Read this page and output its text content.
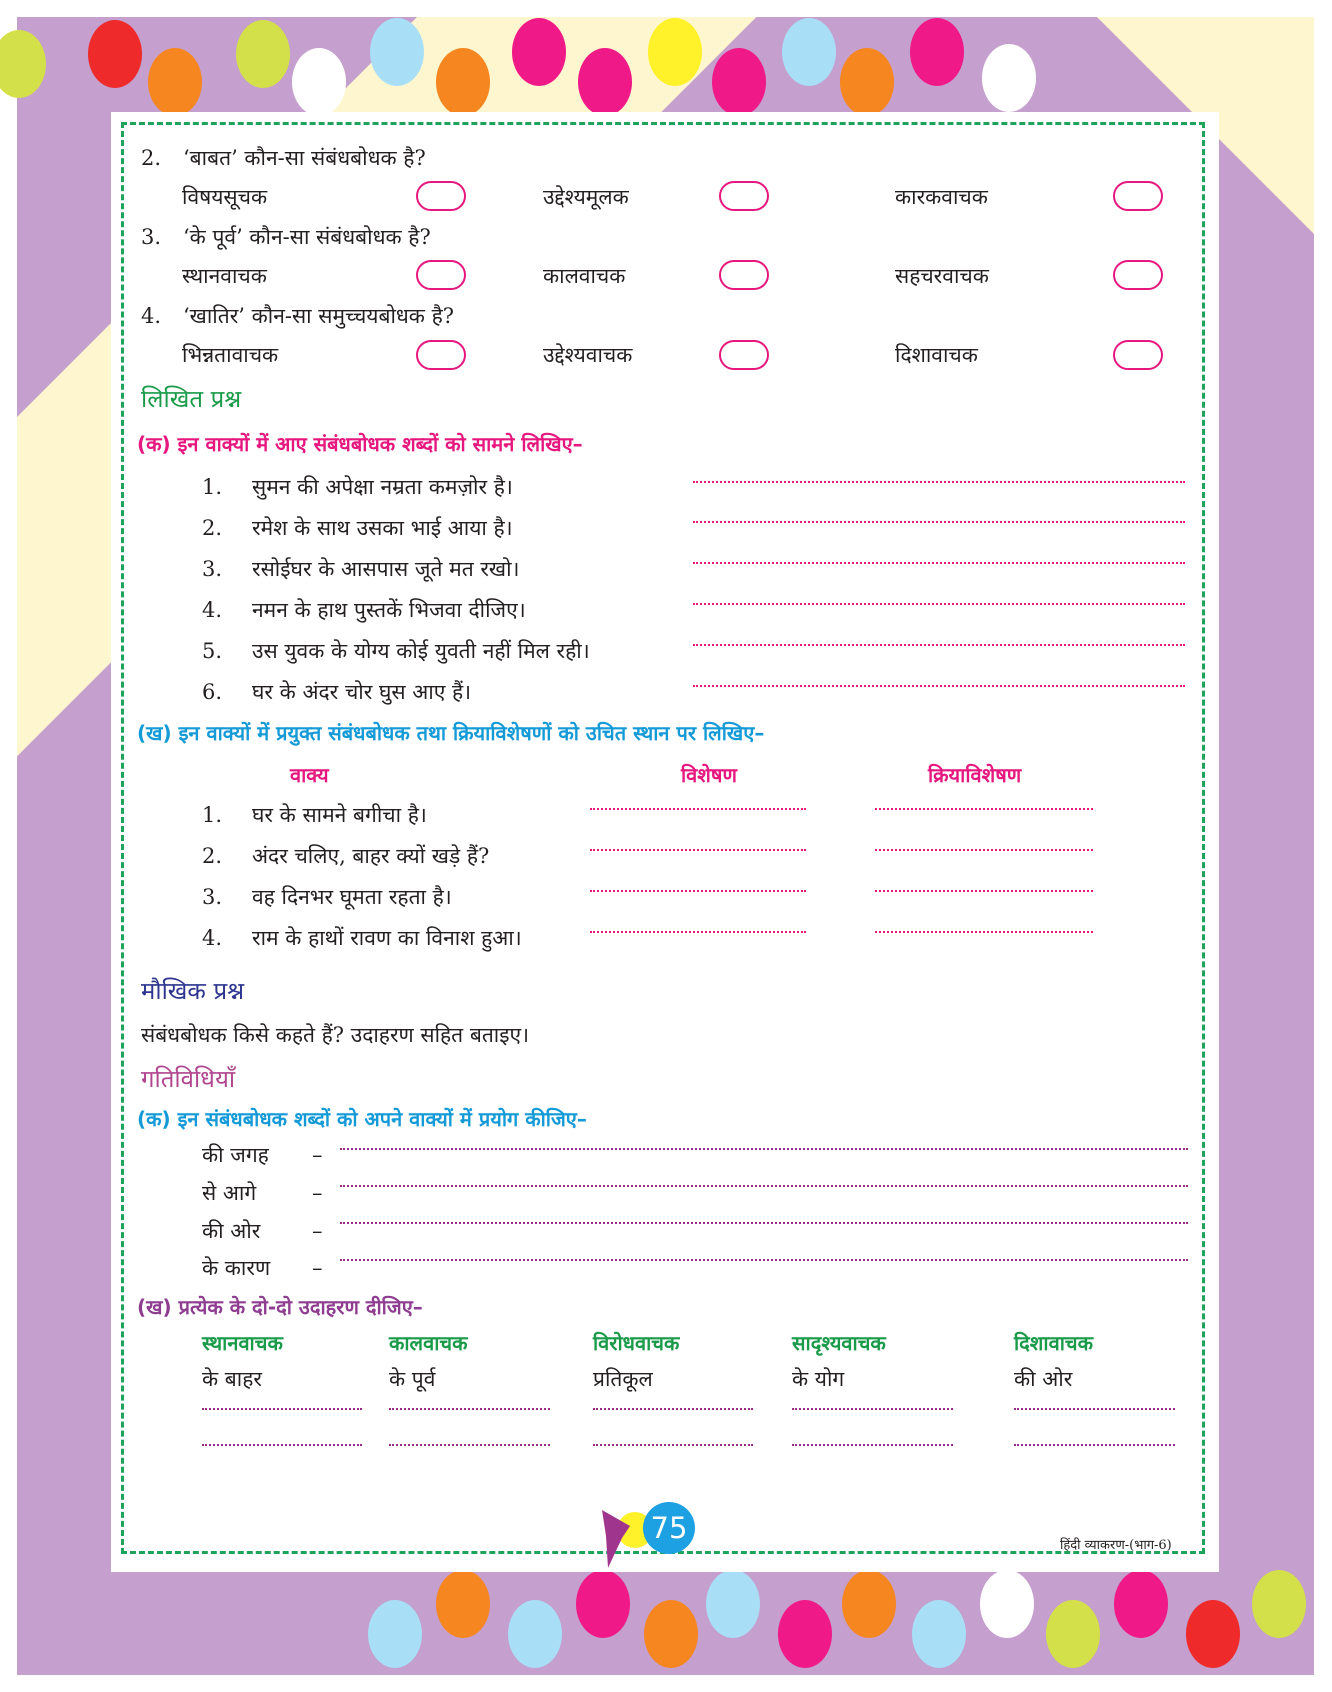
2.	‘बाबत’ कौन-सा संबंधबोधक है?
विषयसूचक	उद्देश्यमूलक	कारकवाचक
3.	‘के पूर्व’ कौन-सा संबंधबोधक है?
स्थानवाचक	कालवाचक	सहचरवाचक
4.	‘खातिर’ कौन-सा समुच्चयबोधक है?
भिन्नतावाचक	उद्देश्यवाचक	दिशावाचक
लिखित प्रश्न
(क) इन वाक्यों में आए संबंधबोधक शब्दों को सामने लिखिए–
1.	सुमन की अपेक्षा नम्रता कमज़ोर है।
2.	रमेश के साथ उसका भाई आया है।
3.	रसोईघर के आसपास जूते मत रखो।
4.	नमन के हाथ पुस्तकें भिजवा दीजिए।
5.	उस युवक के योग्य कोई युवती नहीं मिल रही।
6.	घर के अंदर चोर घुस आए हैं।
(ख) इन वाक्यों में प्रयुक्त संबंधबोधक तथा क्रियाविशेषणों को उचित स्थान पर लिखिए–
वाक्य	विशेषण	क्रियाविशेषण
1.	घर के सामने बगीचा है।
2.	अंदर चलिए, बाहर क्यों खड़े हैं?
3.	वह दिनभर घूमता रहता है।
4.	राम के हाथों रावण का विनाश हुआ।
मौखिक प्रश्न
संबंधबोधक किसे कहते हैं? उदाहरण सहित बताइए।
गतिविधियाँ
(क) इन संबंधबोधक शब्दों को अपने वाक्यों में प्रयोग कीजिए–
की जगह –
से आगे	–
की ओर –
के कारण –
(ख) प्रत्येक के दो-दो उदाहरण दीजिए–
स्थानवाचक	कालवाचक	विरोधवाचक	सादृश्यवाचक	दिशावाचक
के बाहर	के पूर्व	प्रतिकूल	के योग	की ओर
75
हिंदी व्याकरण-(भाग-6)
